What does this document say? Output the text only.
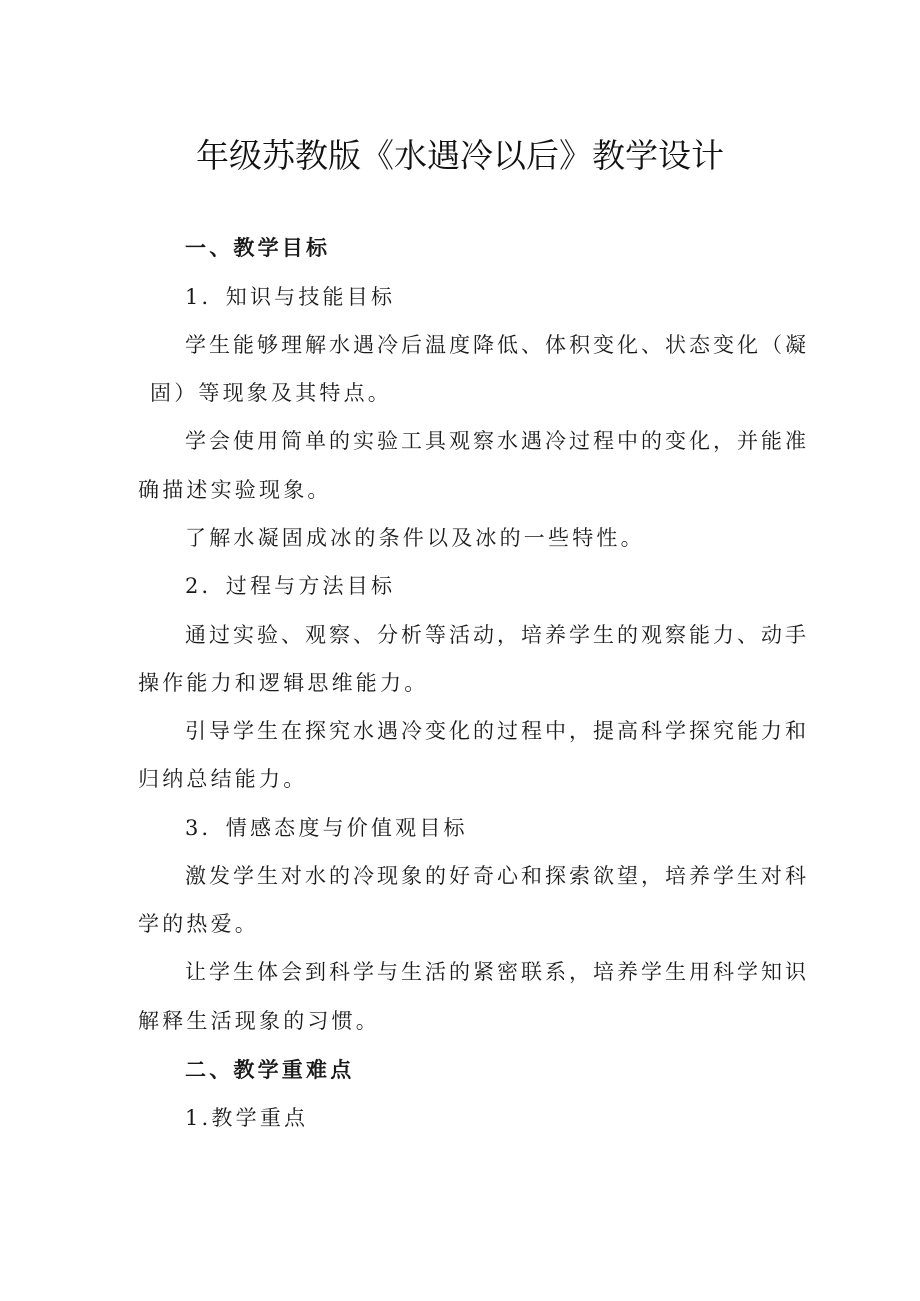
年级苏教版《水遇冷以后》教学设计
一、教学目标
1．知识与技能目标
学生能够理解水遇冷后温度降低、体积变化、状态变化（凝
固）等现象及其特点。
学会使用简单的实验工具观察水遇冷过程中的变化，并能准
确描述实验现象。
了解水凝固成冰的条件以及冰的一些特性。
2．过程与方法目标
通过实验、观察、分析等活动，培养学生的观察能力、动手
操作能力和逻辑思维能力。
引导学生在探究水遇冷变化的过程中，提高科学探究能力和
归纳总结能力。
3．情感态度与价值观目标
激发学生对水的冷现象的好奇心和探索欲望，培养学生对科
学的热爱。
让学生体会到科学与生活的紧密联系，培养学生用科学知识
解释生活现象的习惯。
二、教学重难点
1.教学重点
